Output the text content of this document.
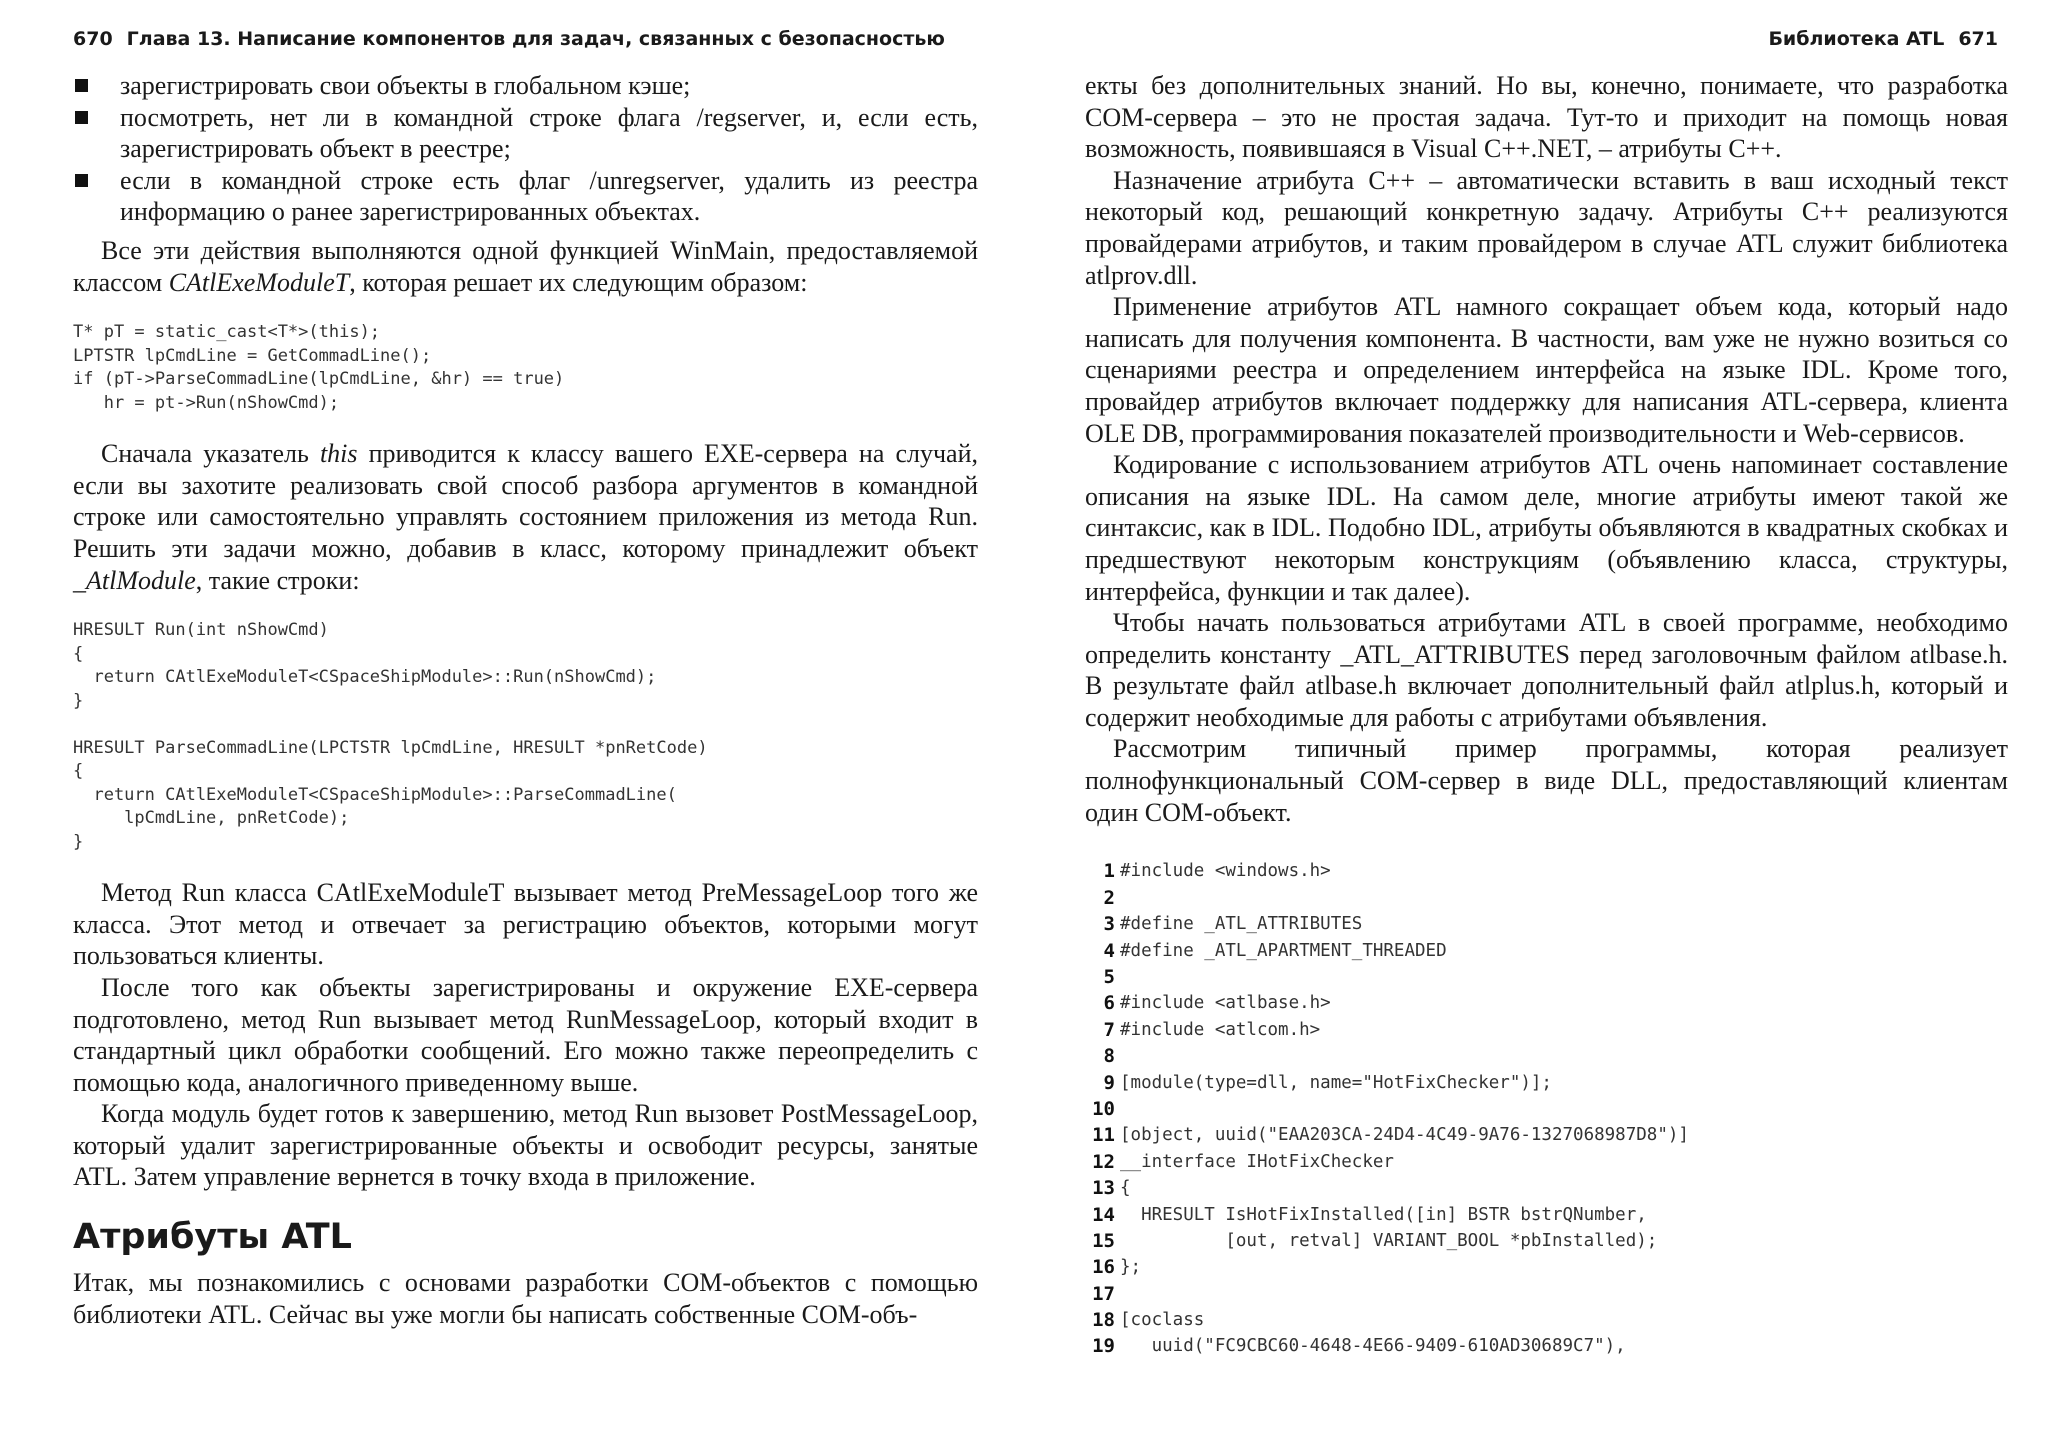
670 Глава 13. Написание компонентов для задач, связанных с безопасностью
зарегистрировать свои объекты в глобальном кэше;
посмотреть, нет ли в командной строке флага /regserver, и, если есть, зарегистрировать объект в реестре;
если в командной строке есть флаг /unregserver, удалить из реестра информацию о ранее зарегистрированных объектах.

Все эти действия выполняются одной функцией WinMain, предоставляемой классом CAtlExeModuleT, которая решает их следующим образом:

T* pT = static_cast<T*>(this);
LPTSTR lpCmdLine = GetCommadLine();
if (pT->ParseCommadLine(lpCmdLine, &hr) == true)
hr = pt->Run(nShowCmd);

Сначала указатель this приводится к классу вашего EXE-сервера на случай, если вы захотите реализовать свой способ разбора аргументов в командной строке или самостоятельно управлять состоянием приложения из метода Run. Решить эти задачи можно, добавив в класс, которому принадлежит объект _AtlModule, такие строки:

HRESULT Run(int nShowCmd)
{
return CAtlExeModuleT<CSpaceShipModule>::Run(nShowCmd);
}

HRESULT ParseCommadLine(LPCTSTR lpCmdLine, HRESULT *pnRetCode)
{
return CAtlExeModuleT<CSpaceShipModule>::ParseCommadLine(
lpCmdLine, pnRetCode);
}

Метод Run класса CAtlExeModuleT вызывает метод PreMessageLoop того же класса. Этот метод и отвечает за регистрацию объектов, которыми могут пользоваться клиенты.

После того как объекты зарегистрированы и окружение EXE-сервера подготовлено, метод Run вызывает метод RunMessageLoop, который входит в стандартный цикл обработки сообщений. Его можно также переопределить с помощью кода, аналогичного приведенному выше.

Когда модуль будет готов к завершению, метод Run вызовет PostMessageLoop, который удалит зарегистрированные объекты и освободит ресурсы, занятые ATL. Затем управление вернется в точку входа в приложение.

Атрибуты ATL

Итак, мы познакомились с основами разработки COM-объектов с помощью библиотеки ATL. Сейчас вы уже могли бы написать собственные COM-объ-

Библиотека ATL 671

екты без дополнительных знаний. Но вы, конечно, понимаете, что разработка COM-сервера – это не простая задача. Тут-то и приходит на помощь новая возможность, появившаяся в Visual C++.NET, – атрибуты C++.

Назначение атрибута C++ – автоматически вставить в ваш исходный текст некоторый код, решающий конкретную задачу. Атрибуты C++ реализуются провайдерами атрибутов, и таким провайдером в случае ATL служит библиотека atlprov.dll.

Применение атрибутов ATL намного сокращает объем кода, который надо написать для получения компонента. В частности, вам уже не нужно возиться со сценариями реестра и определением интерфейса на языке IDL. Кроме того, провайдер атрибутов включает поддержку для написания ATL-сервера, клиента OLE DB, программирования показателей производительности и Web-сервисов.

Кодирование с использованием атрибутов ATL очень напоминает составление описания на языке IDL. На самом деле, многие атрибуты имеют такой же синтаксис, как в IDL. Подобно IDL, атрибуты объявляются в квадратных скобках и предшествуют некоторым конструкциям (объявлению класса, структуры, интерфейса, функции и так далее).

Чтобы начать пользоваться атрибутами ATL в своей программе, необходимо определить константу _ATL_ATTRIBUTES перед заголовочным файлом atlbase.h. В результате файл atlbase.h включает дополнительный файл atlplus.h, который и содержит необходимые для работы с атрибутами объявления.

Рассмотрим типичный пример программы, которая реализует полнофункциональный COM-сервер в виде DLL, предоставляющий клиентам один COM-объект.

1 #include <windows.h>
2
3 #define _ATL_ATTRIBUTES
4 #define _ATL_APARTMENT_THREADED
5
6 #include <atlbase.h>
7 #include <atlcom.h>
8
9 [module(type=dll, name="HotFixChecker")];
10
11 [object, uuid("EAA203CA-24D4-4C49-9A76-1327068987D8")]
12 __interface IHotFixChecker
13 {
14 HRESULT IsHotFixInstalled([in] BSTR bstrQNumber,
15 [out, retval] VARIANT_BOOL *pbInstalled);
16 };
17
18 [coclass
19 uuid("FC9CBC60-4648-4E66-9409-610AD30689C7"),
